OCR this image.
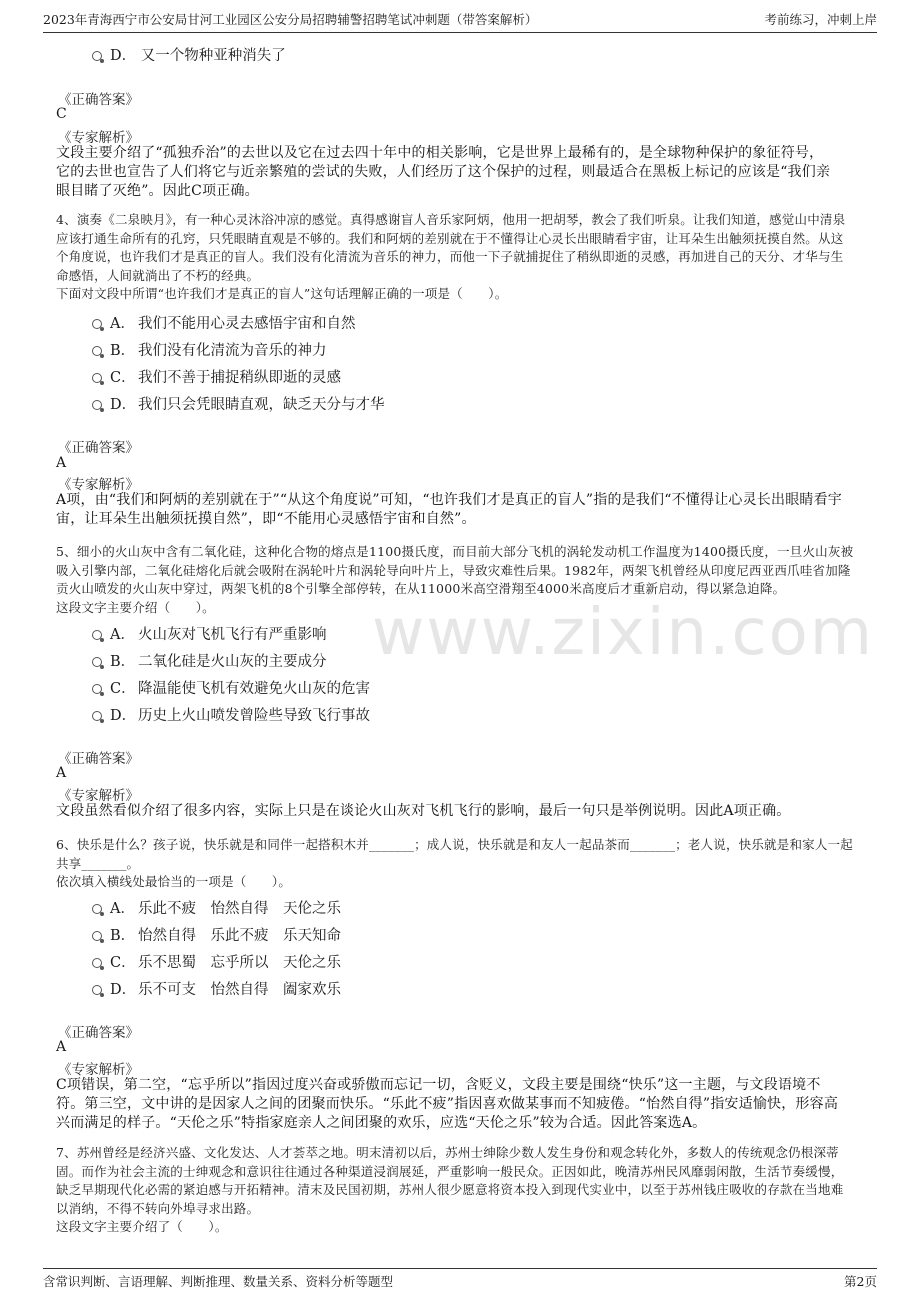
2023年青海西宁市公安局甘河工业园区公安分局招聘辅警招聘笔试冲刺题（带答案解析）	考前练习，冲刺上岸
www.zixin.com
D． 又一个物种亚种消失了
《正确答案》
C
《专家解析》
文段主要介绍了“孤独乔治”的去世以及它在过去四十年中的相关影响，它是世界上最稀有的，是全球物种保护的象征符号，
它的去世也宣告了人们将它与近亲繁殖的尝试的失败，人们经历了这个保护的过程，则最适合在黑板上标记的应该是“我们亲
眼目睹了灭绝”。因此C项正确。
4、演奏《二泉映月》，有一种心灵沐浴冲凉的感觉。真得感谢盲人音乐家阿炳，他用一把胡琴，教会了我们听泉。让我们知道，感觉山中清泉
应该打通生命所有的孔窍，只凭眼睛直观是不够的。我们和阿炳的差别就在于不懂得让心灵长出眼睛看宇宙，让耳朵生出触须抚摸自然。从这
个角度说，也许我们才是真正的盲人。我们没有化清流为音乐的神力，而他一下子就捕捉住了稍纵即逝的灵感，再加进自己的天分、才华与生
命感悟，人间就淌出了不朽的经典。
下面对文段中所谓“也许我们才是真正的盲人”这句话理解正确的一项是（　　）。
A． 我们不能用心灵去感悟宇宙和自然
B． 我们没有化清流为音乐的神力
C． 我们不善于捕捉稍纵即逝的灵感
D． 我们只会凭眼睛直观，缺乏天分与才华
《正确答案》
A
《专家解析》
A项，由“我们和阿炳的差别就在于”“从这个角度说”可知，“也许我们才是真正的盲人”指的是我们“不懂得让心灵长出眼睛看宇
宙，让耳朵生出触须抚摸自然”，即“不能用心灵感悟宇宙和自然”。
5、细小的火山灰中含有二氧化硅，这种化合物的熔点是1100摄氏度，而目前大部分飞机的涡轮发动机工作温度为1400摄氏度，一旦火山灰被
吸入引擎内部，二氧化硅熔化后就会吸附在涡轮叶片和涡轮导向叶片上，导致灾难性后果。1982年，两架飞机曾经从印度尼西亚西爪哇省加隆
贡火山喷发的火山灰中穿过，两架飞机的8个引擎全部停转，在从11000米高空滑翔至4000米高度后才重新启动，得以紧急迫降。
这段文字主要介绍（　　）。
A． 火山灰对飞机飞行有严重影响
B． 二氧化硅是火山灰的主要成分
C． 降温能使飞机有效避免火山灰的危害
D． 历史上火山喷发曾险些导致飞行事故
《正确答案》
A
《专家解析》
文段虽然看似介绍了很多内容，实际上只是在谈论火山灰对飞机飞行的影响，最后一句只是举例说明。因此A项正确。
6、快乐是什么？孩子说，快乐就是和同伴一起搭积木并_______；成人说，快乐就是和友人一起品茶而_______；老人说，快乐就是和家人一起
共享_______。
依次填入横线处最恰当的一项是（　　）。
A． 乐此不疲　怡然自得　天伦之乐
B． 怡然自得　乐此不疲　乐天知命
C． 乐不思蜀　忘乎所以　天伦之乐
D． 乐不可支　怡然自得　阖家欢乐
《正确答案》
A
《专家解析》
C项错误，第二空，“忘乎所以”指因过度兴奋或骄傲而忘记一切，含贬义，文段主要是围绕“快乐”这一主题，与文段语境不
符。第三空，文中讲的是因家人之间的团聚而快乐。“乐此不疲”指因喜欢做某事而不知疲倦。“怡然自得”指安适愉快，形容高
兴而满足的样子。“天伦之乐”特指家庭亲人之间团聚的欢乐，应选“天伦之乐”较为合适。因此答案选A。
7、苏州曾经是经济兴盛、文化发达、人才荟萃之地。明末清初以后，苏州士绅除少数人发生身份和观念转化外，多数人的传统观念仍根深蒂
固。而作为社会主流的士绅观念和意识往往通过各种渠道浸润展延，严重影响一般民众。正因如此，晚清苏州民风靡弱闲散，生活节奏缓慢，
缺乏早期现代化必需的紧迫感与开拓精神。清末及民国初期，苏州人很少愿意将资本投入到现代实业中，以至于苏州钱庄吸收的存款在当地难
以消纳，不得不转向外埠寻求出路。
这段文字主要介绍了（　　）。
含常识判断、言语理解、判断推理、数量关系、资料分析等题型	第2页
